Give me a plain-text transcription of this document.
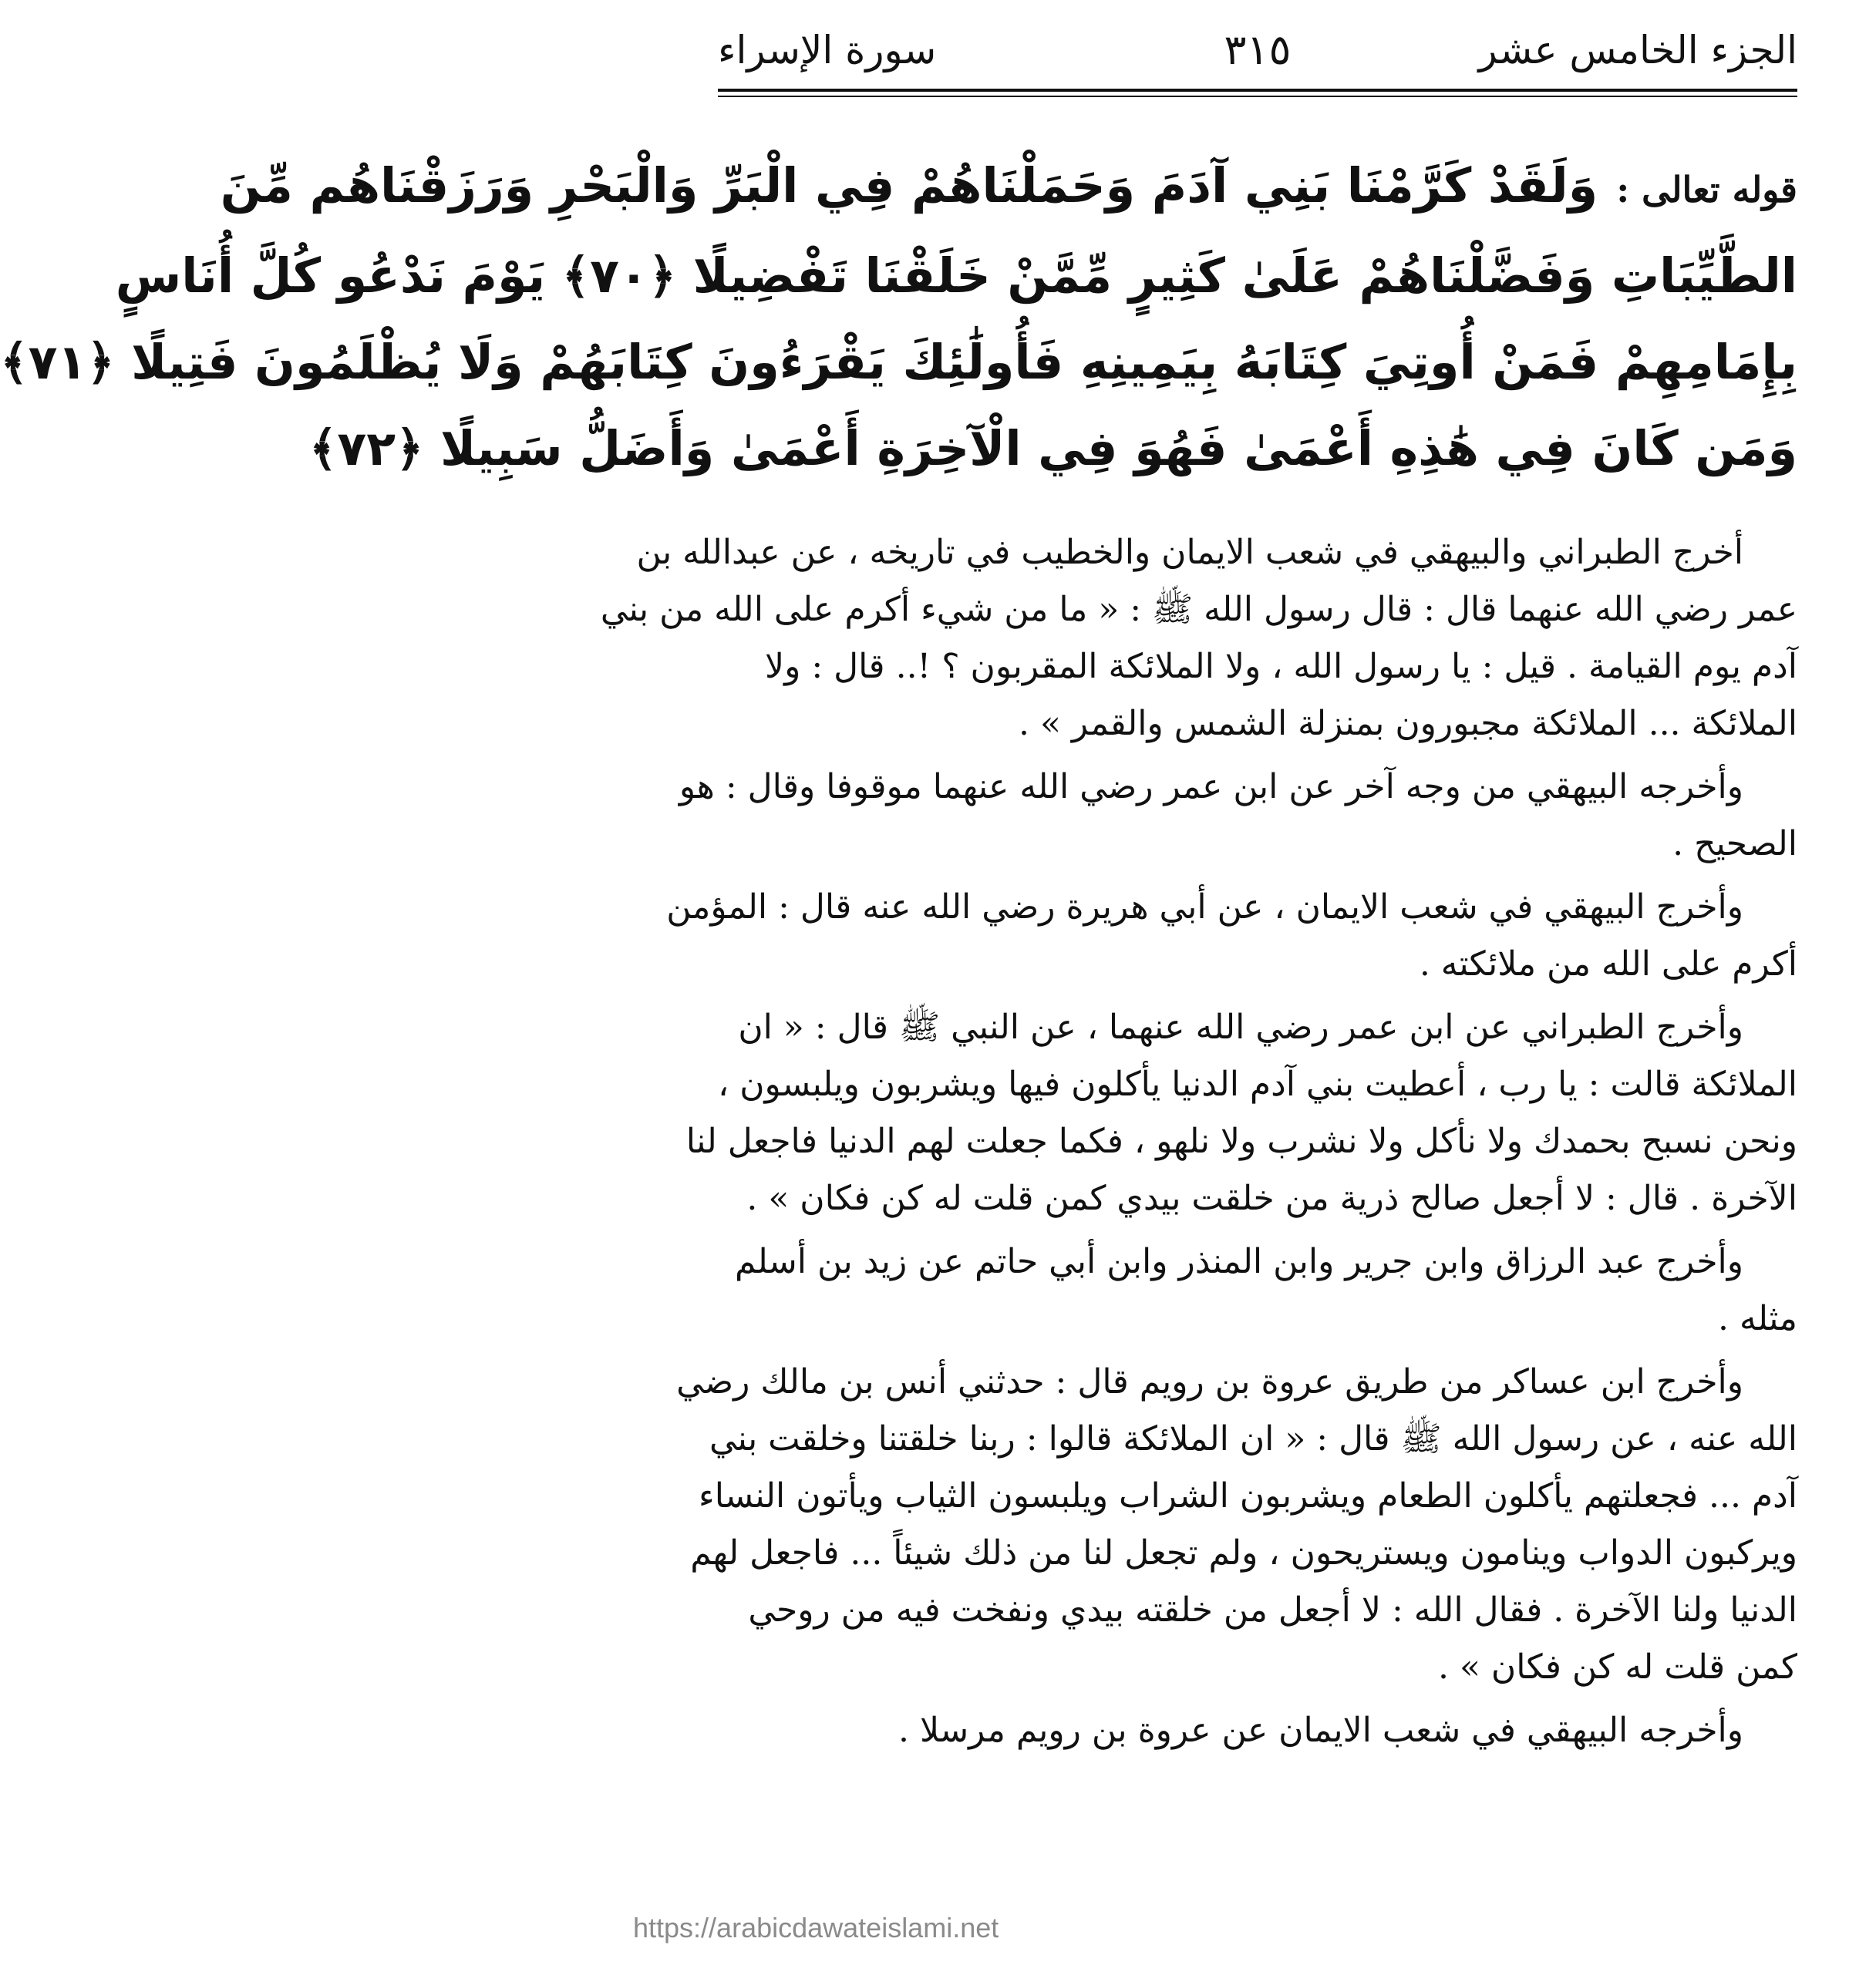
الجزء الخامس عشر
٣١٥
سورة الإسراء
قوله تعالى :وَلَقَدْ كَرَّمْنَا بَنِي آدَمَ وَحَمَلْنَاهُمْ فِي الْبَرِّ وَالْبَحْرِ وَرَزَقْنَاهُم مِّنَ
الطَّيِّبَاتِ وَفَضَّلْنَاهُمْ عَلَىٰ كَثِيرٍ مِّمَّنْ خَلَقْنَا تَفْضِيلًا ﴿٧٠﴾ يَوْمَ نَدْعُو كُلَّ أُنَاسٍ
بِإِمَامِهِمْ فَمَنْ أُوتِيَ كِتَابَهُ بِيَمِينِهِ فَأُولَٰئِكَ يَقْرَءُونَ كِتَابَهُمْ وَلَا يُظْلَمُونَ فَتِيلًا ﴿٧١﴾
وَمَن كَانَ فِي هَٰذِهِ أَعْمَىٰ فَهُوَ فِي الْآخِرَةِ أَعْمَىٰ وَأَضَلُّ سَبِيلًا ﴿٧٢﴾
أخرج الطبراني والبيهقي في شعب الايمان والخطيب في تاريخه ، عن عبدالله بن
عمر رضي الله عنهما قال : قال رسول الله ﷺ : « ما من شيء أكرم على الله من بني
آدم يوم القيامة . قيل : يا رسول الله ، ولا الملائكة المقربون ؟ !.. قال : ولا
الملائكة ... الملائكة مجبورون بمنزلة الشمس والقمر » .
وأخرجه البيهقي من وجه آخر عن ابن عمر رضي الله عنهما موقوفا وقال : هو
الصحيح .
وأخرج البيهقي في شعب الايمان ، عن أبي هريرة رضي الله عنه قال : المؤمن
أكرم على الله من ملائكته .
وأخرج الطبراني عن ابن عمر رضي الله عنهما ، عن النبي ﷺ قال : « ان
الملائكة قالت : يا رب ، أعطيت بني آدم الدنيا يأكلون فيها ويشربون ويلبسون ،
ونحن نسبح بحمدك ولا نأكل ولا نشرب ولا نلهو ، فكما جعلت لهم الدنيا فاجعل لنا
الآخرة . قال : لا أجعل صالح ذرية من خلقت بيدي كمن قلت له كن فكان » .
وأخرج عبد الرزاق وابن جرير وابن المنذر وابن أبي حاتم عن زيد بن أسلم
مثله .
وأخرج ابن عساكر من طريق عروة بن رويم قال : حدثني أنس بن مالك رضي
الله عنه ، عن رسول الله ﷺ قال : « ان الملائكة قالوا : ربنا خلقتنا وخلقت بني
آدم ... فجعلتهم يأكلون الطعام ويشربون الشراب ويلبسون الثياب ويأتون النساء
ويركبون الدواب وينامون ويستريحون ، ولم تجعل لنا من ذلك شيئاً ... فاجعل لهم
الدنيا ولنا الآخرة . فقال الله : لا أجعل من خلقته بيدي ونفخت فيه من روحي
كمن قلت له كن فكان » .
وأخرجه البيهقي في شعب الايمان عن عروة بن رويم مرسلا .
https://arabicdawateislami.net
